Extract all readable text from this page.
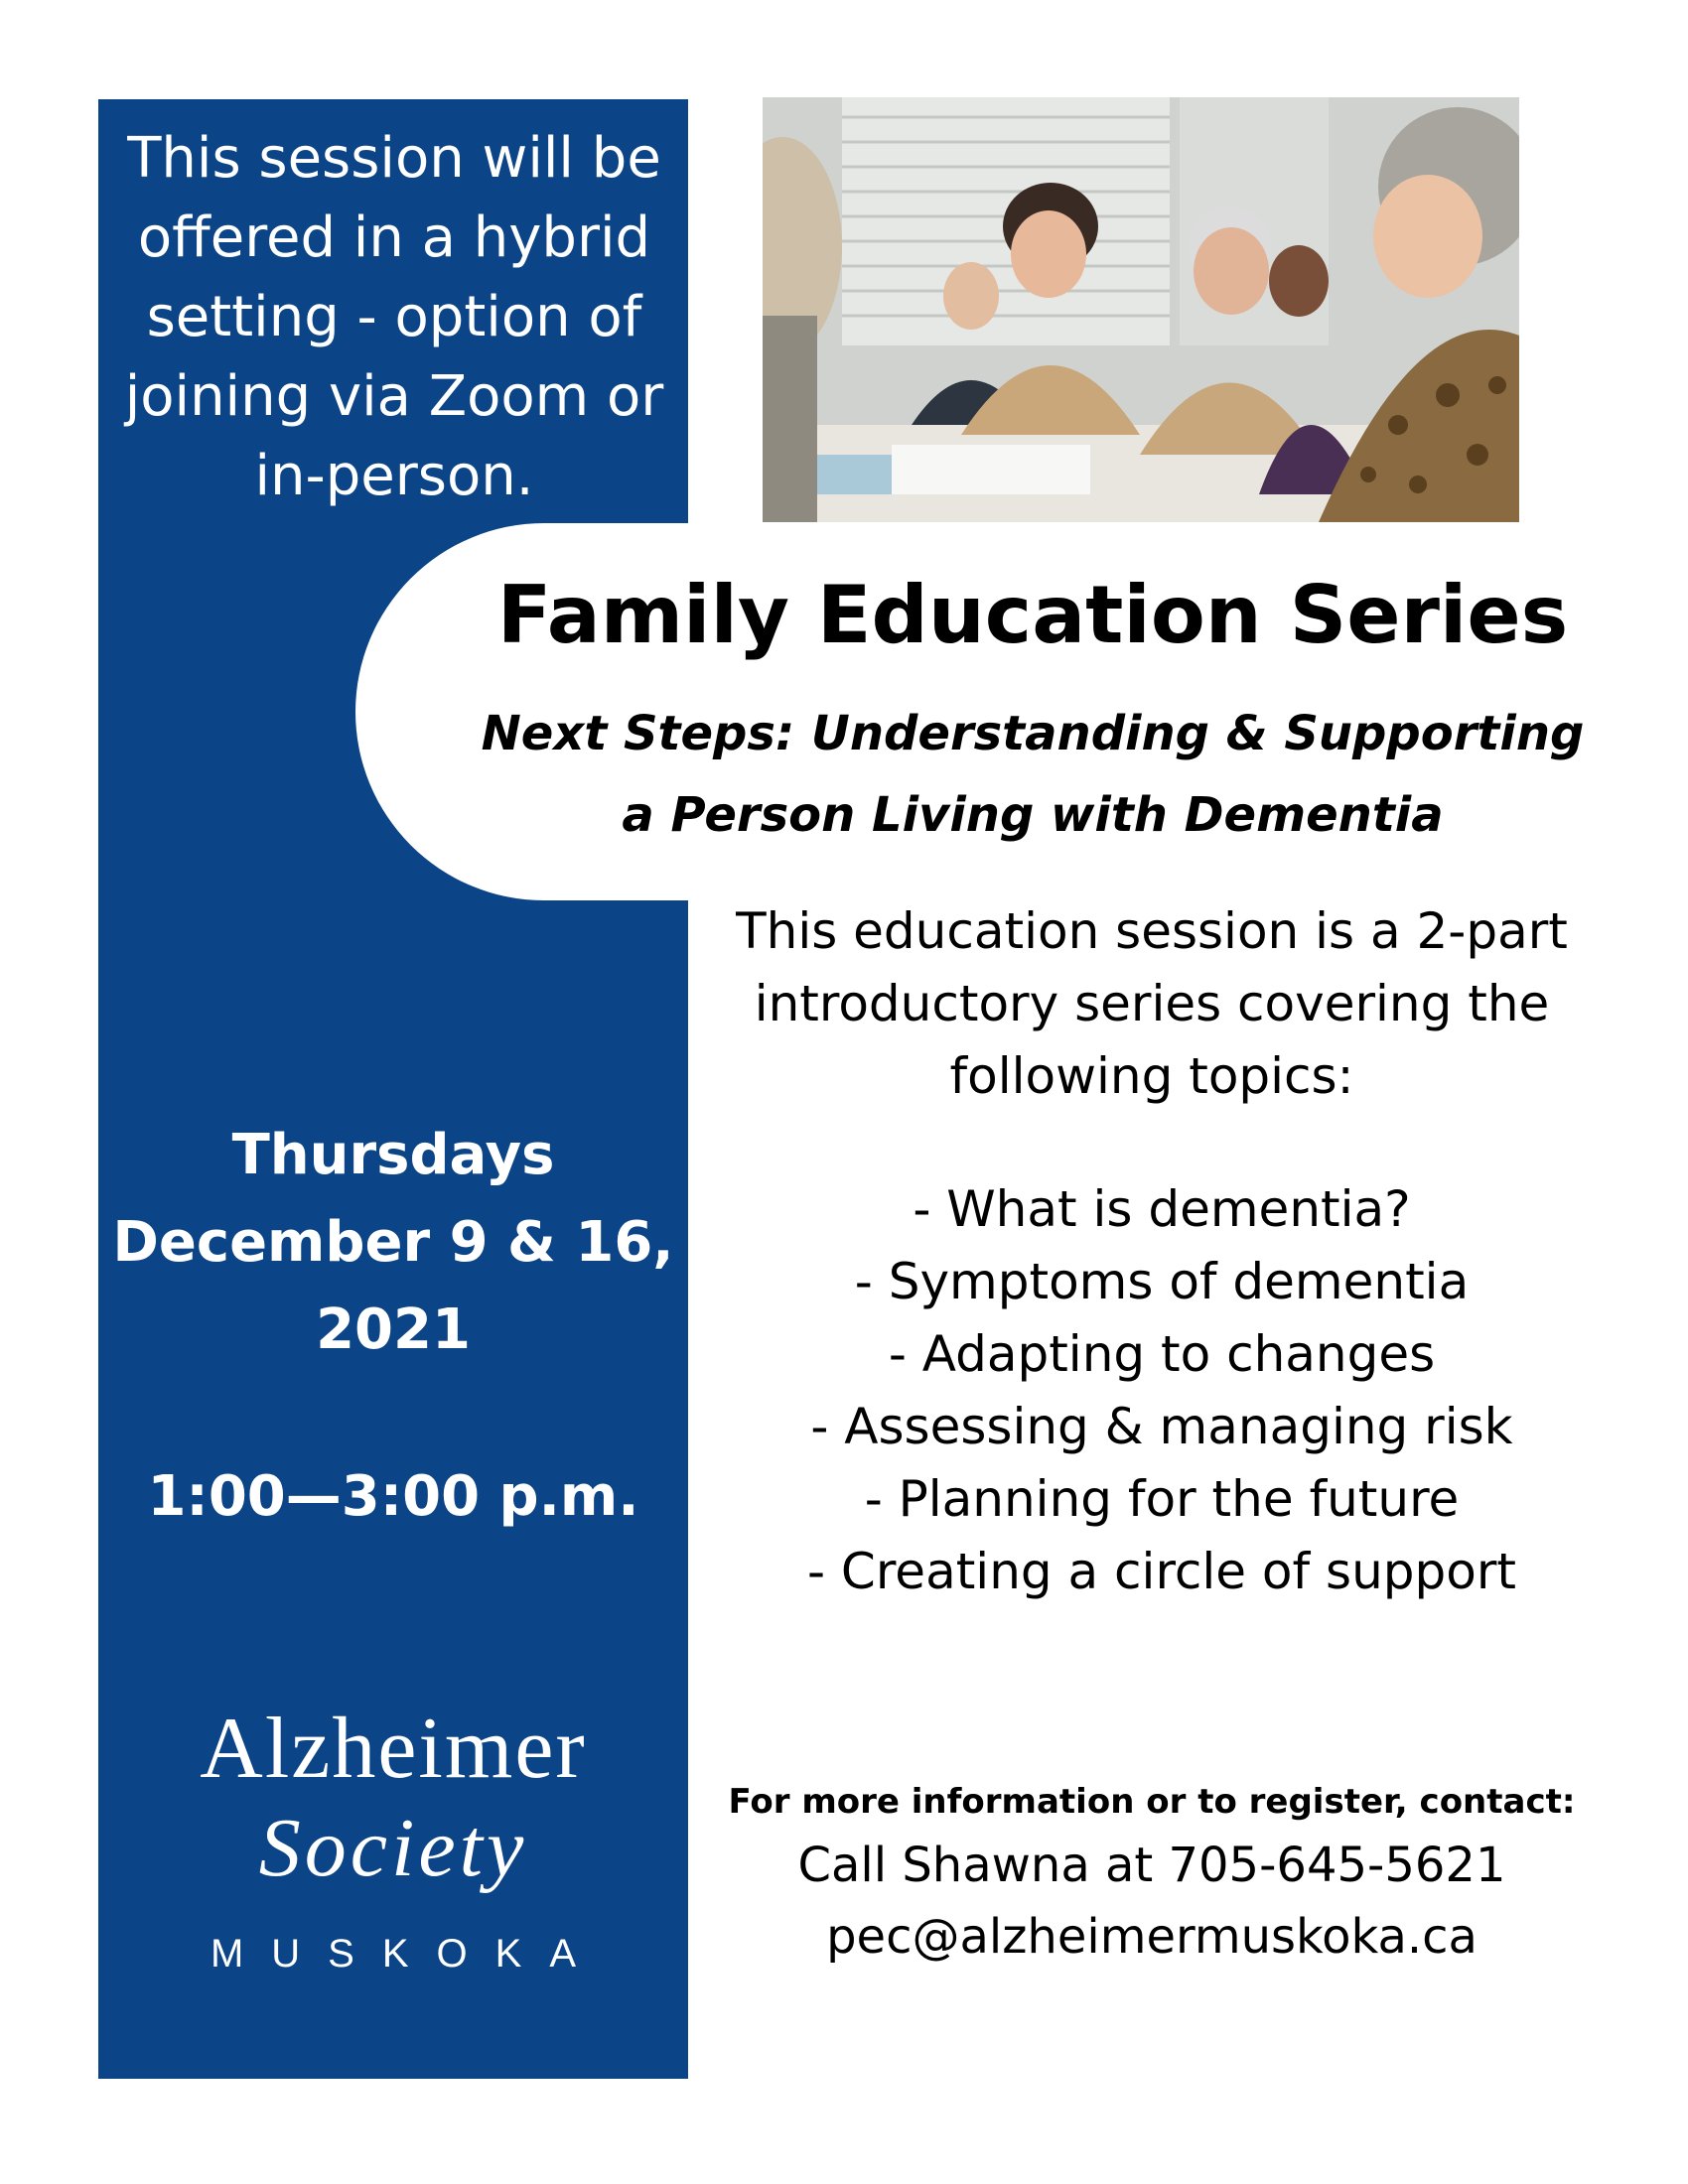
This session will be offered in a hybrid setting - option of joining via Zoom or in-person.
Family Education Series
Next Steps: Understanding & Supporting
a Person Living with Dementia
This education session is a 2-part
introductory series covering the
following topics:
- What is dementia?
- Symptoms of dementia
- Adapting to changes
- Assessing & managing risk
- Planning for the future
- Creating a circle of support
Thursdays
December 9 & 16,
2021
1:00—3:00 p.m.
Alzheimer
Society
MUSKOKA
For more information or to register, contact:
Call Shawna at 705-645-5621
pec@alzheimermuskoka.ca
